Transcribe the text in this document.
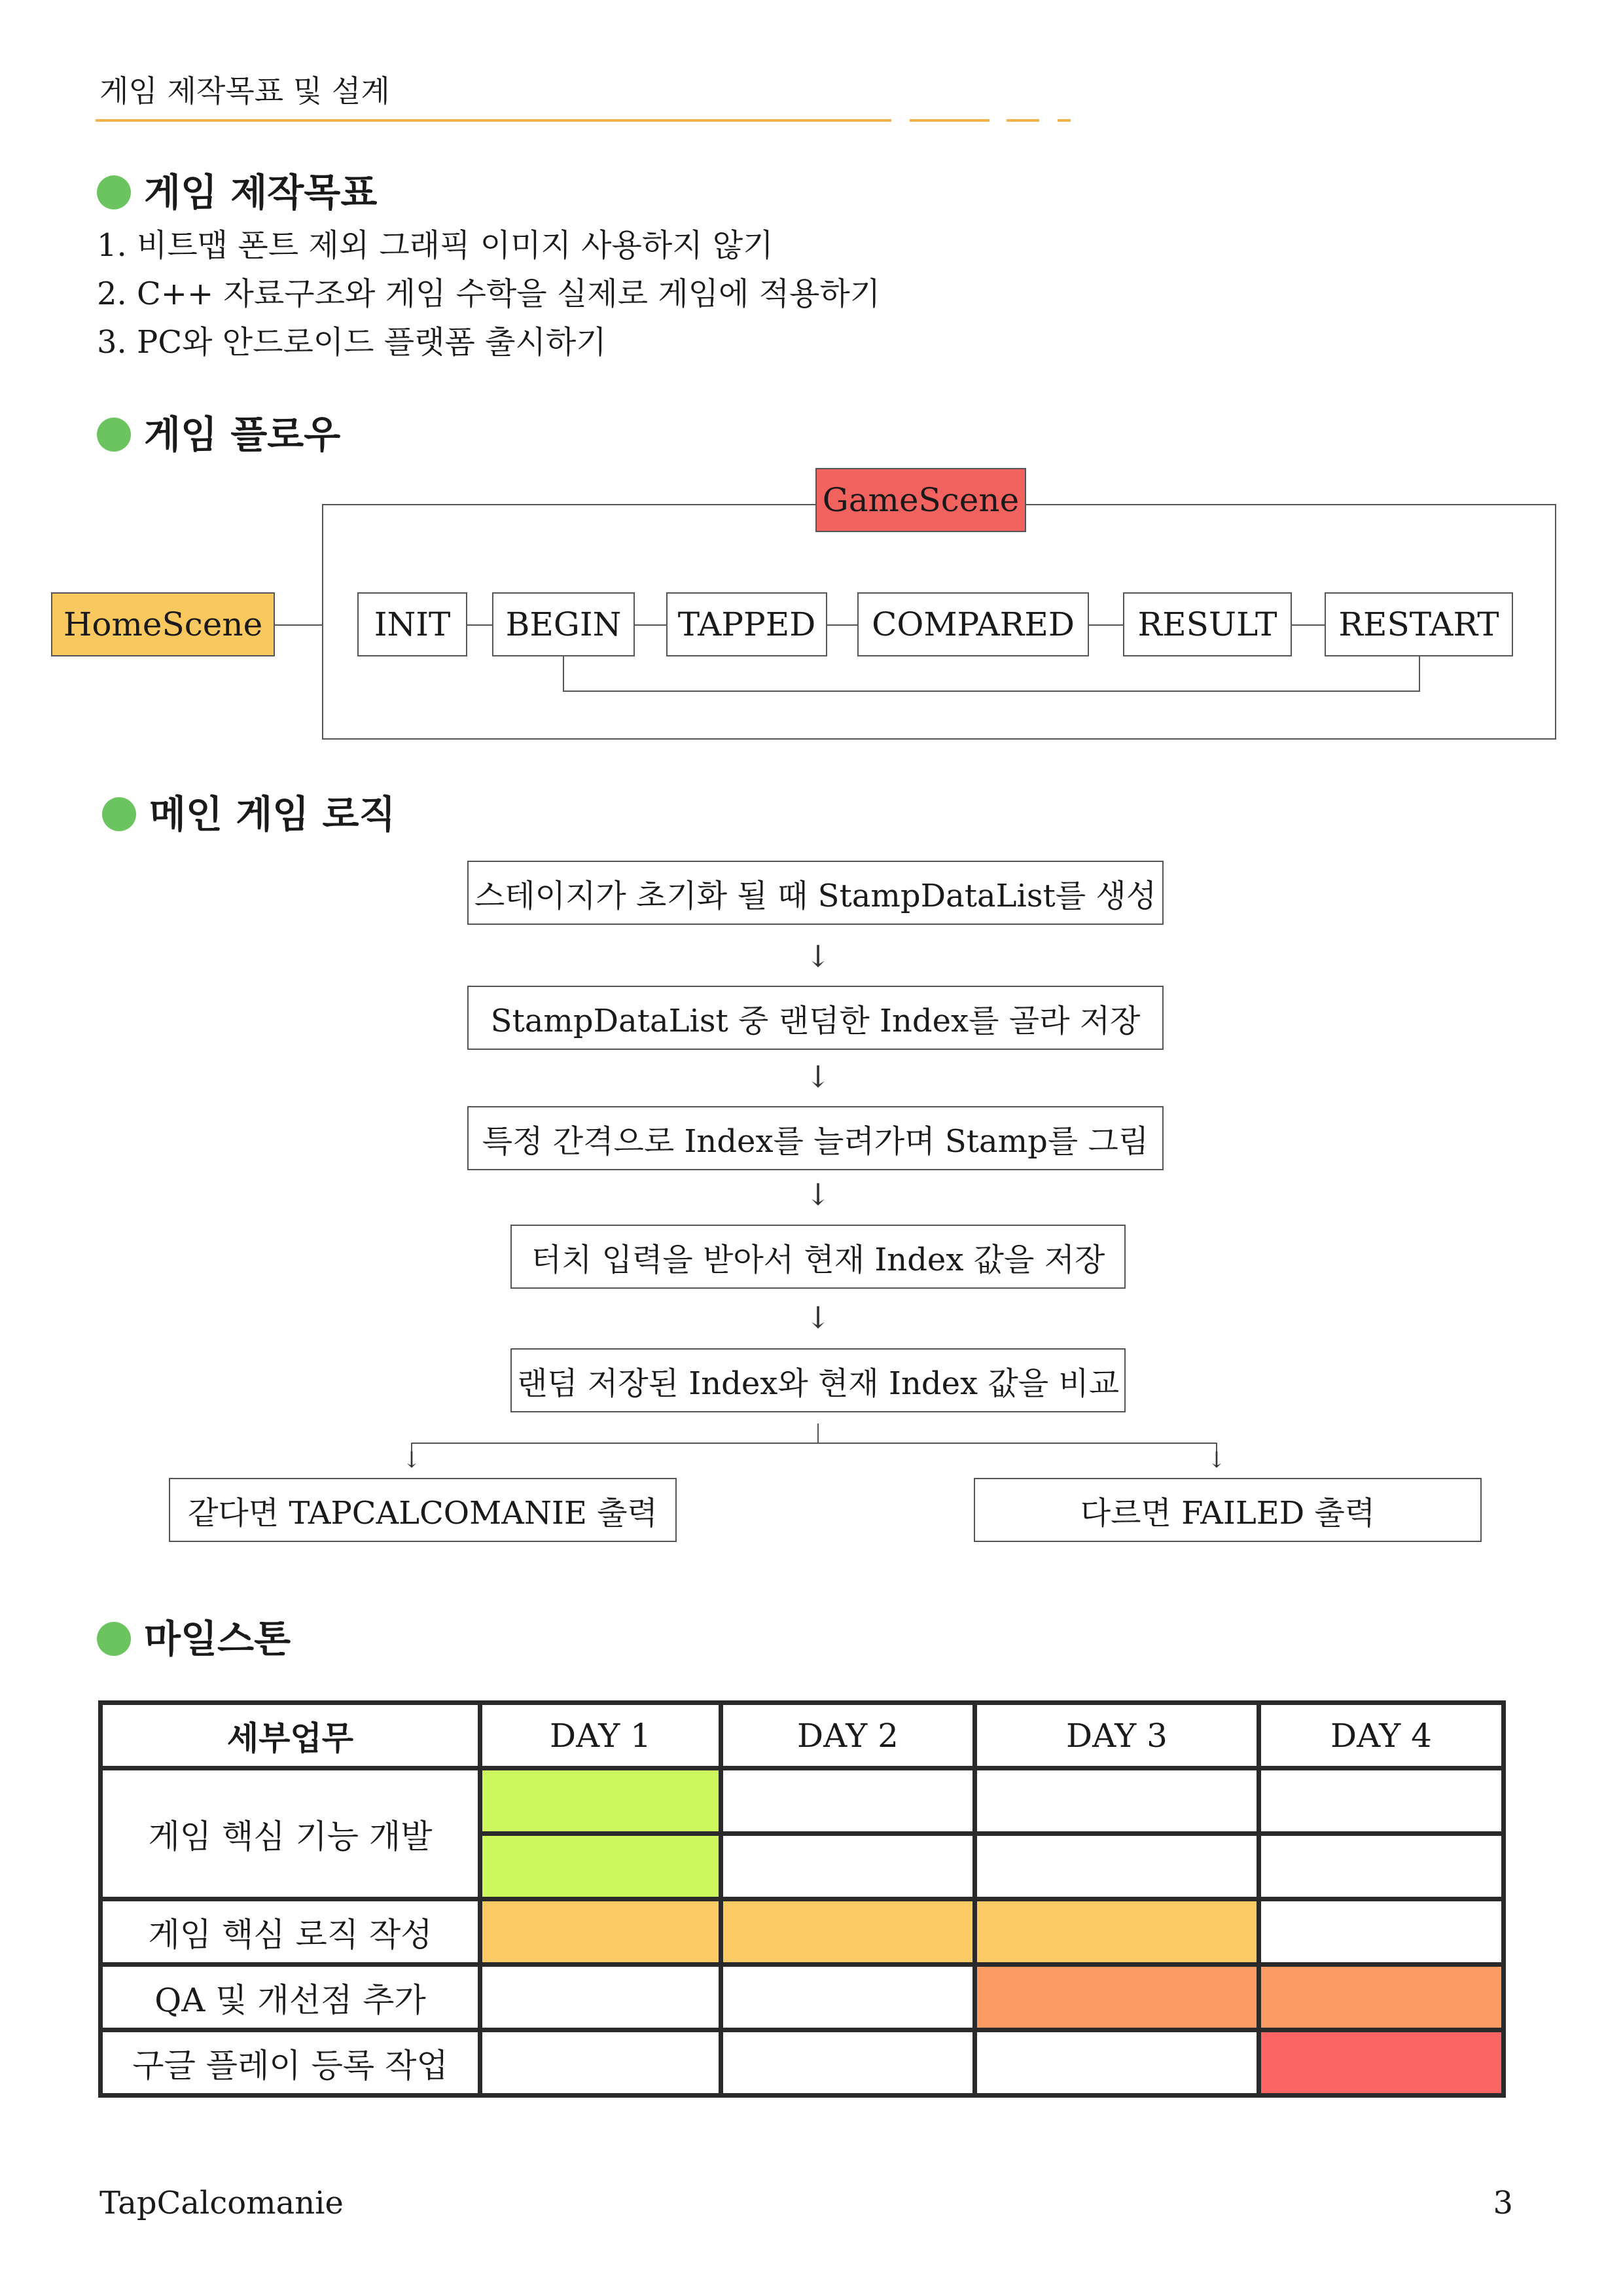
게임 제작목표 및 설계
게임 제작목표
1. 비트맵 폰트 제외 그래픽 이미지 사용하지 않기
2. C++ 자료구조와 게임 수학을 실제로 게임에 적용하기
3. PC와 안드로이드 플랫폼 출시하기
게임 플로우
GameScene
HomeScene	INIT	BEGIN	TAPPED	COMPARED	RESULT	RESTART
메인 게임 로직
스테이지가 초기화 될 때 StampDataList를 생성
↓
StampDataList 중 랜덤한 Index를 골라 저장
↓
특정 간격으로 Index를 늘려가며 Stamp를 그림
↓
터치 입력을 받아서 현재 Index 값을 저장
↓
랜덤 저장된 Index와 현재 Index 값을 비교
↓	↓
같다면 TAPCALCOMANIE 출력	다르면 FAILED 출력
마일스톤
세부업무	DAY 1	DAY 2	DAY 3	DAY 4
게임 핵심 기능 개발				

게임 핵심 로직 작성				
QA 및 개선점 추가				
구글 플레이 등록 작업				
TapCalcomanie	3
